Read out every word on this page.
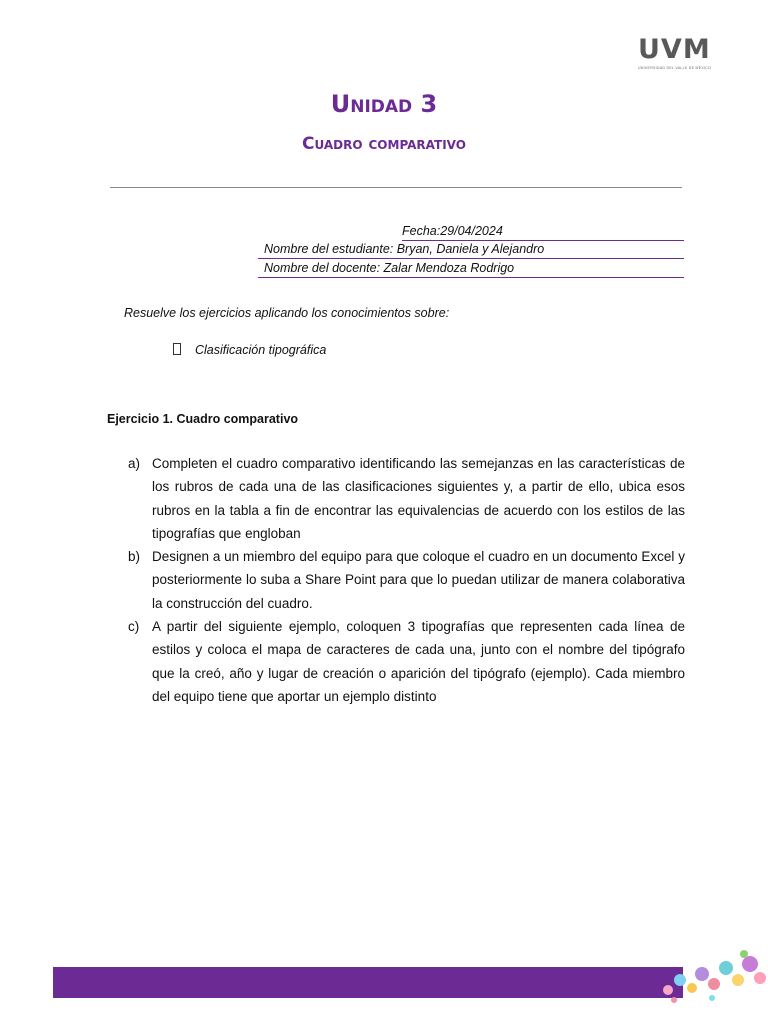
UVM
UNIVERSIDAD DEL VALLE DE MÉXICO
Unidad 3
Cuadro comparativo
Fecha:29/04/2024
Nombre del estudiante: Bryan, Daniela y Alejandro
Nombre del docente: Zalar Mendoza Rodrigo
Resuelve los ejercicios aplicando los conocimientos sobre:
Clasificación tipográfica
Ejercicio 1. Cuadro comparativo
a) Completen el cuadro comparativo identificando las semejanzas en las características de los rubros de cada una de las clasificaciones siguientes y, a partir de ello, ubica esos rubros en la tabla a fin de encontrar las equivalencias de acuerdo con los estilos de las tipografías que engloban
b) Designen a un miembro del equipo para que coloque el cuadro en un documento Excel y posteriormente lo suba a Share Point para que lo puedan utilizar de manera colaborativa la construcción del cuadro.
c) A partir del siguiente ejemplo, coloquen 3 tipografías que representen cada línea de estilos y coloca el mapa de caracteres de cada una, junto con el nombre del tipógrafo que la creó, año y lugar de creación o aparición del tipógrafo (ejemplo). Cada miembro del equipo tiene que aportar un ejemplo distinto
